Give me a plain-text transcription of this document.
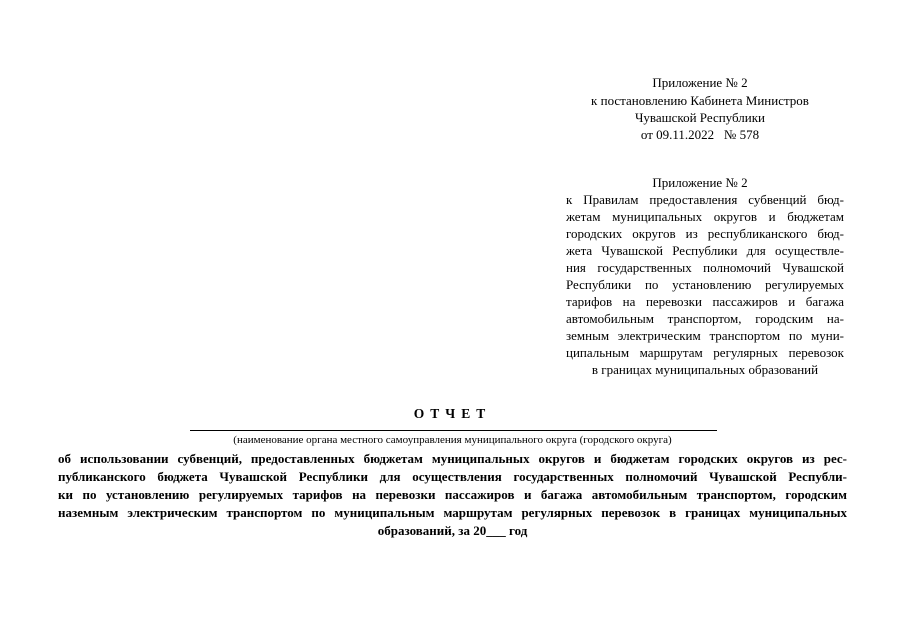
Приложение № 2
к постановлению Кабинета Министров
Чувашской Республики
от 09.11.2022   № 578
Приложение № 2
к Правилам предоставления субвенций бюд-
жетам муниципальных округов и бюджетам
городских округов из республиканского бюд-
жета Чувашской Республики для осуществле-
ния государственных полномочий Чувашской
Республики по установлению регулируемых
тарифов на перевозки пассажиров и багажа
автомобильным транспортом, городским на-
земным электрическим транспортом по муни-
ципальным маршрутам регулярных перевозок
в границах муниципальных образований
ОТЧЕТ
(наименование органа местного самоуправления муниципального округа (городского округа)
об использовании субвенций, предоставленных бюджетам муниципальных округов и бюджетам городских округов из рес-
публиканского бюджета Чувашской Республики для осуществления государственных полномочий Чувашской Республи-
ки по установлению регулируемых тарифов на перевозки пассажиров и багажа автомобильным транспортом, городским
наземным электрическим транспортом по муниципальным маршрутам регулярных перевозок в границах муниципальных
образований, за 20___ год
